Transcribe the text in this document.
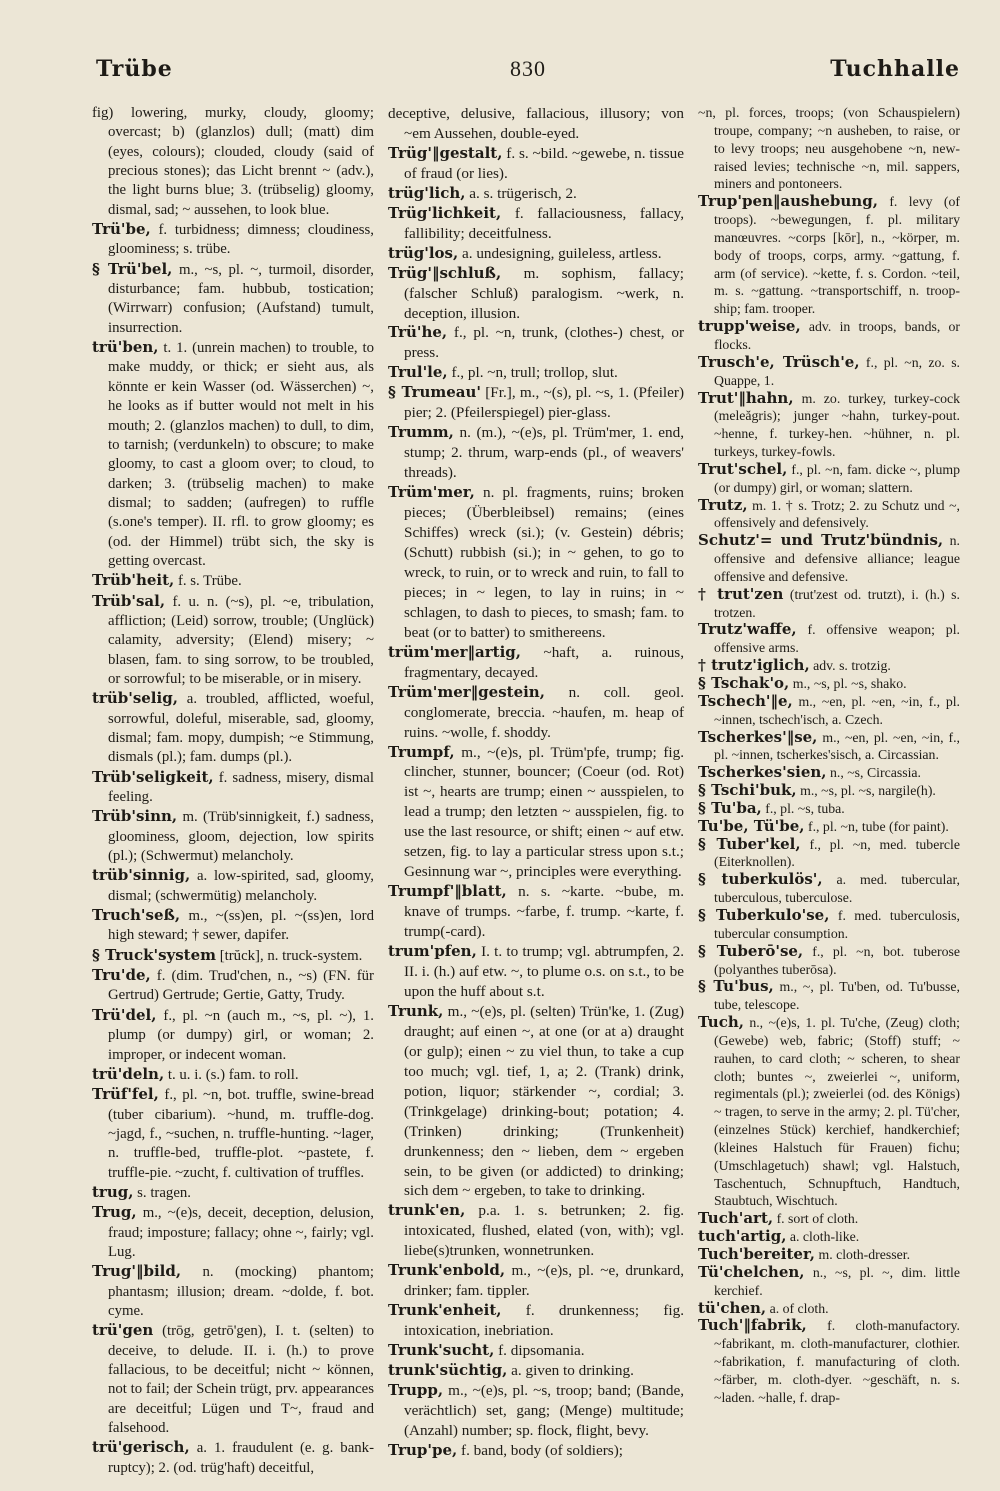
830
Trübe	Tuchhalle

fig) lowering, murky, cloudy, gloomy; overcast; b) (glanzlos) dull; (matt) dim (eyes, colours); clouded, cloudy (said of precious stones); das Licht brennt ~ (adv.), the light burns blue; 3. (trübselig) gloomy, dismal, sad; ~ aussehen, to look blue.

Trü'be, f. turbidness; dimness; cloudiness, gloominess; s. trübe.

§ Trü'bel, m., ~s, pl. ~, turmoil, disorder, disturbance; fam. hubbub, tostication; (Wirrwarr) confusion; (Aufstand) tumult, insurrection.

trü'ben, t. 1. (unrein machen) to trouble, to make muddy, or thick; er sieht aus, als könnte er kein Wasser (od. Wässerchen) ~, he looks as if butter would not melt in his mouth; 2. (glanzlos machen) to dull, to dim, to tarnish; (verdunkeln) to obscure; to make gloomy, to cast a gloom over; to cloud, to darken; 3. (trübselig machen) to make dismal; to sadden; (aufregen) to ruffle (s.one's temper). II. rfl. to grow gloomy; es (od. der Himmel) trübt sich, the sky is getting overcast.

Trüb'heit, f. s. Trübe.

Trüb'sal, f. u. n. (~s), pl. ~e, tribulation, affliction; (Leid) sorrow, trouble; (Unglück) calamity, adversity; (Elend) misery; ~ blasen, fam. to sing sorrow, to be troubled, or sorrowful; to be miserable, or in misery.

trüb'selig, a. troubled, afflicted, woeful, sorrowful, doleful, miserable, sad, gloomy, dismal; fam. mopy, dumpish; ~e Stimmung, dismals (pl.); fam. dumps (pl.).

Trüb'seligkeit, f. sadness, misery, dismal feeling.

Trüb'sinn, m. (Trüb'sinnigkeit, f.) sadness, gloominess, gloom, dejection, low spirits (pl.); (Schwermut) melancholy.

trüb'sinnig, a. low-spirited, sad, gloomy, dismal; (schwermütig) melancholy.

Truch'seß, m., ~(ss)en, pl. ~(ss)en, lord high steward; † sewer, dapifer.

§ Truck'system [trŭck], n. truck-system.

Tru'de, f. (dim. Trud'chen, n., ~s) (FN. für Gertrud) Gertrude; Gertie, Gatty, Trudy.

Trü'del, f., pl. ~n (auch m., ~s, pl. ~), 1. plump (or dumpy) girl, or woman; 2. improper, or indecent woman.

trü'deln, t. u. i. (s.) fam. to roll.

Trüf'fel, f., pl. ~n, bot. truffle, swine-bread (tuber cibarium). ~hund, m. truffle-dog. ~jagd, f., ~suchen, n. truffle-hunting. ~lager, n. truffle-bed, truffle-plot. ~pastete, f. truffle-pie. ~zucht, f. cultivation of truffles.

trug, s. tragen.

Trug, m., ~(e)s, deceit, deception, delusion, fraud; imposture; fallacy; ohne ~, fairly; vgl. Lug.

Trug'‖bild, n. (mocking) phantom; phantasm; illusion; dream. ~dolde, f. bot. cyme.

trü'gen (trōg, getrō'gen), I. t. (selten) to deceive, to delude. II. i. (h.) to prove fallacious, to be deceitful; nicht ~ können, not to fail; der Schein trügt, prv. appearances are deceitful; Lügen und T~, fraud and falsehood.

trü'gerisch, a. 1. fraudulent (e. g. bank-ruptcy); 2. (od. trüg'haft) deceitful,

deceptive, delusive, fallacious, illusory; von ~em Aussehen, double-eyed.

Trüg'‖gestalt, f. s. ~bild. ~gewebe, n. tissue of fraud (or lies).

trüg'lich, a. s. trügerisch, 2.

Trüg'lichkeit, f. fallaciousness, fallacy, fallibility; deceitfulness.

trüg'los, a. undesigning, guileless, artless.

Trüg'‖schluß, m. sophism, fallacy; (falscher Schluß) paralogism. ~werk, n. deception, illusion.

Trü'he, f., pl. ~n, trunk, (clothes-) chest, or press.

Trul'le, f., pl. ~n, trull; trollop, slut.

§ Trumeau' [Fr.], m., ~(s), pl. ~s, 1. (Pfeiler) pier; 2. (Pfeilerspiegel) pier-glass.

Trumm, n. (m.), ~(e)s, pl. Trüm'mer, 1. end, stump; 2. thrum, warp-ends (pl., of weavers' threads).

Trüm'mer, n. pl. fragments, ruins; broken pieces; (Überbleibsel) remains; (eines Schiffes) wreck (si.); (v. Gestein) débris; (Schutt) rubbish (si.); in ~ gehen, to go to wreck, to ruin, or to wreck and ruin, to fall to pieces; in ~ legen, to lay in ruins; in ~ schlagen, to dash to pieces, to smash; fam. to beat (or to batter) to smithereens.

trüm'mer‖artig, ~haft, a. ruinous, fragmentary, decayed.

Trüm'mer‖gestein, n. coll. geol. conglomerate, breccia. ~haufen, m. heap of ruins. ~wolle, f. shoddy.

Trumpf, m., ~(e)s, pl. Trüm'pfe, trump; fig. clincher, stunner, bouncer; (Coeur (od. Rot) ist ~, hearts are trump; einen ~ ausspielen, to lead a trump; den letzten ~ ausspielen, fig. to use the last resource, or shift; einen ~ auf etw. setzen, fig. to lay a particular stress upon s.t.; Gesinnung war ~, principles were everything.

Trumpf'‖blatt, n. s. ~karte. ~bube, m. knave of trumps. ~farbe, f. trump. ~karte, f. trump(-card).

trum'pfen, I. t. to trump; vgl. abtrumpfen, 2. II. i. (h.) auf etw. ~, to plume o.s. on s.t., to be upon the huff about s.t.

Trunk, m., ~(e)s, pl. (selten) Trün'ke, 1. (Zug) draught; auf einen ~, at one (or at a) draught (or gulp); einen ~ zu viel thun, to take a cup too much; vgl. tief, 1, a; 2. (Trank) drink, potion, liquor; stärkender ~, cordial; 3. (Trinkgelage) drinking-bout; potation; 4. (Trinken) drinking; (Trunkenheit) drunkenness; den ~ lieben, dem ~ ergeben sein, to be given (or addicted) to drinking; sich dem ~ ergeben, to take to drinking.

trunk'en, p.a. 1. s. betrunken; 2. fig. intoxicated, flushed, elated (von, with); vgl. liebe(s)trunken, wonnetrunken.

Trunk'enbold, m., ~(e)s, pl. ~e, drunkard, drinker; fam. tippler.

Trunk'enheit, f. drunkenness; fig. intoxication, inebriation.

Trunk'sucht, f. dipsomania.

trunk'süchtig, a. given to drinking.

Trupp, m., ~(e)s, pl. ~s, troop; band; (Bande, verächtlich) set, gang; (Menge) multitude; (Anzahl) number; sp. flock, flight, bevy.

Trup'pe, f. band, body (of soldiers);

~n, pl. forces, troops; (von Schauspielern) troupe, company; ~n ausheben, to raise, or to levy troops; neu ausgehobene ~n, new-raised levies; technische ~n, mil. sappers, miners and pontoneers.

Trup'pen‖aushebung, f. levy (of troops). ~bewegungen, f. pl. military manœuvres. ~corps [kōr], n., ~körper, m. body of troops, corps, army. ~gattung, f. arm (of service). ~kette, f. s. Cordon. ~teil, m. s. ~gattung. ~transportschiff, n. troop-ship; fam. trooper.

trupp'weise, adv. in troops, bands, or flocks.

Trusch'e, Trüsch'e, f., pl. ~n, zo. s. Quappe, 1.

Trut'‖hahn, m. zo. turkey, turkey-cock (meleăgris); junger ~hahn, turkey-pout. ~henne, f. turkey-hen. ~hühner, n. pl. turkeys, turkey-fowls.

Trut'schel, f., pl. ~n, fam. dicke ~, plump (or dumpy) girl, or woman; slattern.

Trutz, m. 1. † s. Trotz; 2. zu Schutz und ~, offensively and defensively.

Schutz'= und Trutz'bündnis, n. offensive and defensive alliance; league offensive and defensive.

† trut'zen (trut'zest od. trutzt), i. (h.) s. trotzen.

Trutz'waffe, f. offensive weapon; pl. offensive arms.

† trutz'iglich, adv. s. trotzig.

§ Tschak'o, m., ~s, pl. ~s, shako.

Tschech'‖e, m., ~en, pl. ~en, ~in, f., pl. ~innen, tschech'isch, a. Czech.

Tscherkes'‖se, m., ~en, pl. ~en, ~in, f., pl. ~innen, tscherkes'sisch, a. Circassian.

Tscherkes'sien, n., ~s, Circassia.

§ Tschi'buk, m., ~s, pl. ~s, nargile(h).

§ Tu'ba, f., pl. ~s, tuba.

Tu'be, Tü'be, f., pl. ~n, tube (for paint).

§ Tuber'kel, f., pl. ~n, med. tubercle (Eiterknollen).

§ tuberkulös', a. med. tubercular, tuberculous, tuberculose.

§ Tuberkulo'se, f. med. tuberculosis, tubercular consumption.

§ Tuberō'se, f., pl. ~n, bot. tuberose (polyanthes tuberōsa).

§ Tu'bus, m., ~, pl. Tu'ben, od. Tu'busse, tube, telescope.

Tuch, n., ~(e)s, 1. pl. Tu'che, (Zeug) cloth; (Gewebe) web, fabric; (Stoff) stuff; ~ rauhen, to card cloth; ~ scheren, to shear cloth; buntes ~, zweierlei ~, uniform, regimentals (pl.); zweierlei (od. des Königs) ~ tragen, to serve in the army; 2. pl. Tü'cher, (einzelnes Stück) kerchief, handkerchief; (kleines Halstuch für Frauen) fichu; (Umschlagetuch) shawl; vgl. Halstuch, Taschentuch, Schnupftuch, Handtuch, Staubtuch, Wischtuch.

Tuch'art, f. sort of cloth.

tuch'artig, a. cloth-like.

Tuch'bereiter, m. cloth-dresser.

Tü'chelchen, n., ~s, pl. ~, dim. little kerchief.

tü'chen, a. of cloth.

Tuch'‖fabrik, f. cloth-manufactory. ~fabrikant, m. cloth-manufacturer, clothier. ~fabrikation, f. manufacturing of cloth. ~färber, m. cloth-dyer. ~geschäft, n. s. ~laden. ~halle, f. drap-
